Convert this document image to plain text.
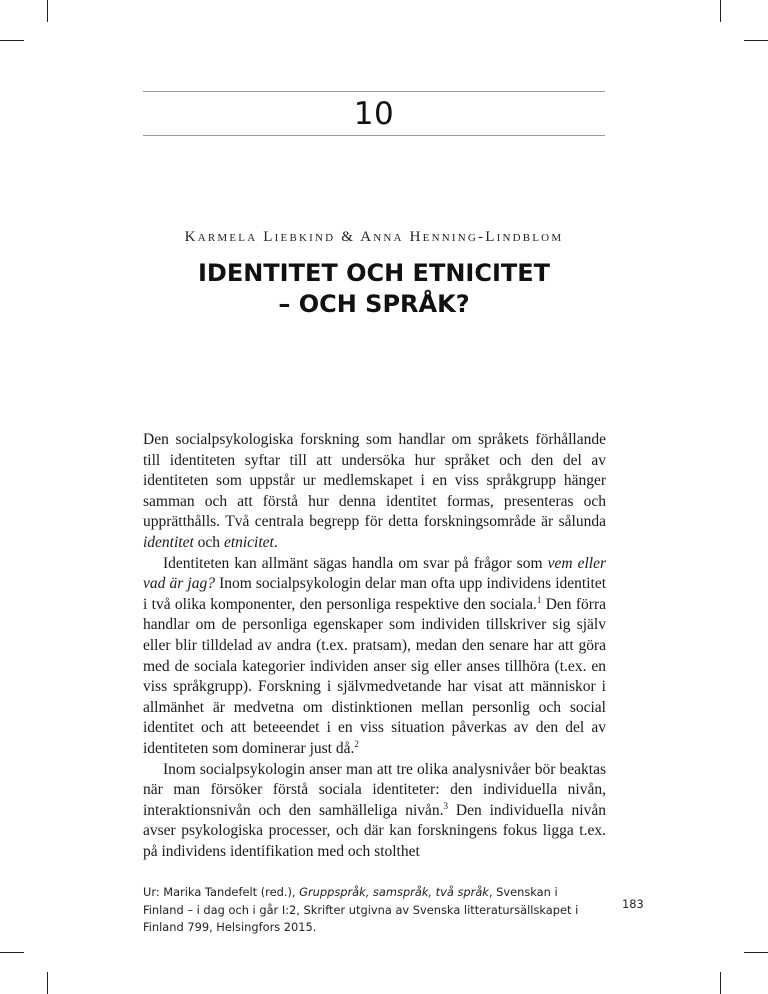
10
Karmela Liebkind & Anna Henning-Lindblom
IDENTITET OCH ETNICITET
– OCH SPRÅK?

Den socialpsykologiska forskning som handlar om språkets förhållande till identiteten syftar till att undersöka hur språket och den del av identiteten som uppstår ur medlemskapet i en viss språkgrupp hänger samman och att förstå hur denna identitet formas, presenteras och upprätthålls. Två centrala begrepp för detta forskningsområde är sålunda identitet och etnicitet.

Identiteten kan allmänt sägas handla om svar på frågor som vem eller vad är jag? Inom socialpsykologin delar man ofta upp individens identitet i två olika komponenter, den personliga respektive den sociala.$^1$ Den förra handlar om de personliga egenskaper som individen tillskriver sig själv eller blir tilldelad av andra (t.ex. pratsam), medan den senare har att göra med de sociala kategorier individen anser sig eller anses tillhöra (t.ex. en viss språkgrupp). Forskning i självmedvetande har visat att människor i allmänhet är medvetna om distinktionen mellan personlig och social identitet och att beteeendet i en viss situation påverkas av den del av identiteten som dominerar just då.$^2$

Inom socialpsykologin anser man att tre olika analysnivåer bör beaktas när man försöker förstå sociala identiteter: den individuella nivån, interaktionsnivån och den samhälleliga nivån.$^3$ Den individuella nivån avser psykologiska processer, och där kan forskningens fokus ligga t.ex. på individens identifikation med och stolthet

Ur: Marika Tandefelt (red.), Gruppspråk, samspråk, två språk, Svenskan i Finland – i dag och i går I:2, Skrifter utgivna av Svenska litteratursällskapet i Finland 799, Helsingfors 2015.
183
